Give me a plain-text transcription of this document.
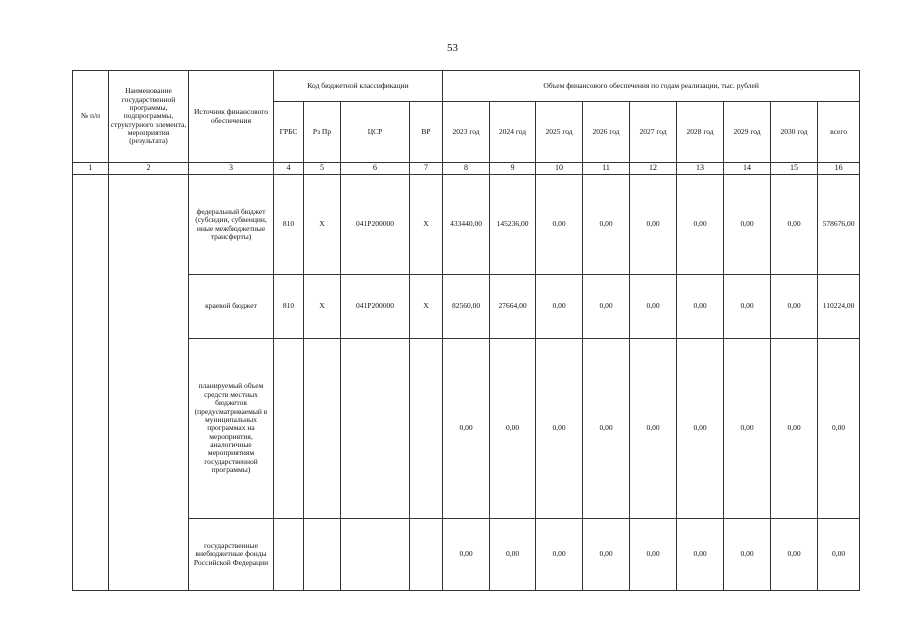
53
№ п/п	Наименование государственной программы, подпрограммы, структурного элемента, мероприятия (результата)	Источник финансового обеспечения	Код бюджетной классификации				Объем финансового обеспечения по годам реализации, тыс. рублей								
			ГРБС	Рз Пр	ЦСР	ВР	2023 год	2024 год	2025 год	2026 год	2027 год	2028 год	2029 год	2030 год	всего
1	2	3	4	5	6	7	8	9	10	11	12	13	14	15	16
		федеральный бюджет (субсидии, субвенции, иные межбюджетные трансферты)	810	Х	041Р200000	Х	433440,00	145236,00	0,00	0,00	0,00	0,00	0,00	0,00	578676,00
		краевой бюджет	810	Х	041Р200000	Х	82560,00	27664,00	0,00	0,00	0,00	0,00	0,00	0,00	110224,00
		планируемый объем средств местных бюджетов (предусматриваемый в муниципальных программах на мероприятия, аналогичные мероприятиям государственной программы)					0,00	0,00	0,00	0,00	0,00	0,00	0,00	0,00	0,00
		государственные внебюджетные фонды Российской Федерации					0,00	0,00	0,00	0,00	0,00	0,00	0,00	0,00	0,00
